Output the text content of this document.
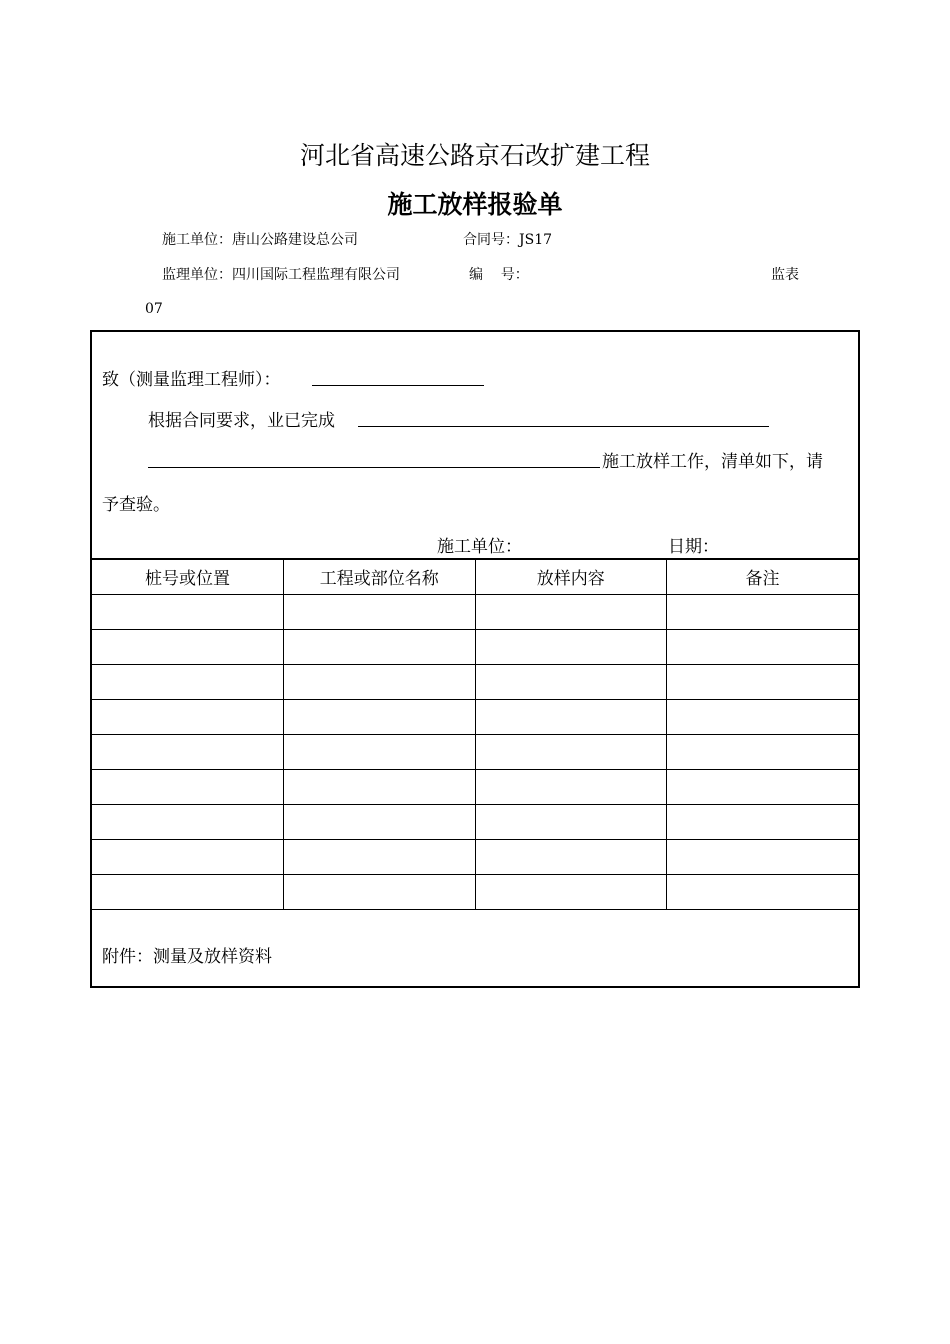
河北省高速公路京石改扩建工程
施工放样报验单
施工单位：唐山公路建设总公司	合同号：JS17
监理单位：四川国际工程监理有限公司	编    号：	监表
07
致（测量监理工程师）：
根据合同要求，业已完成
施工放样工作，清单如下，请
予查验。
施工单位：	日期：
桩号或位置	工程或部位名称	放样内容	备注

附件：测量及放样资料
